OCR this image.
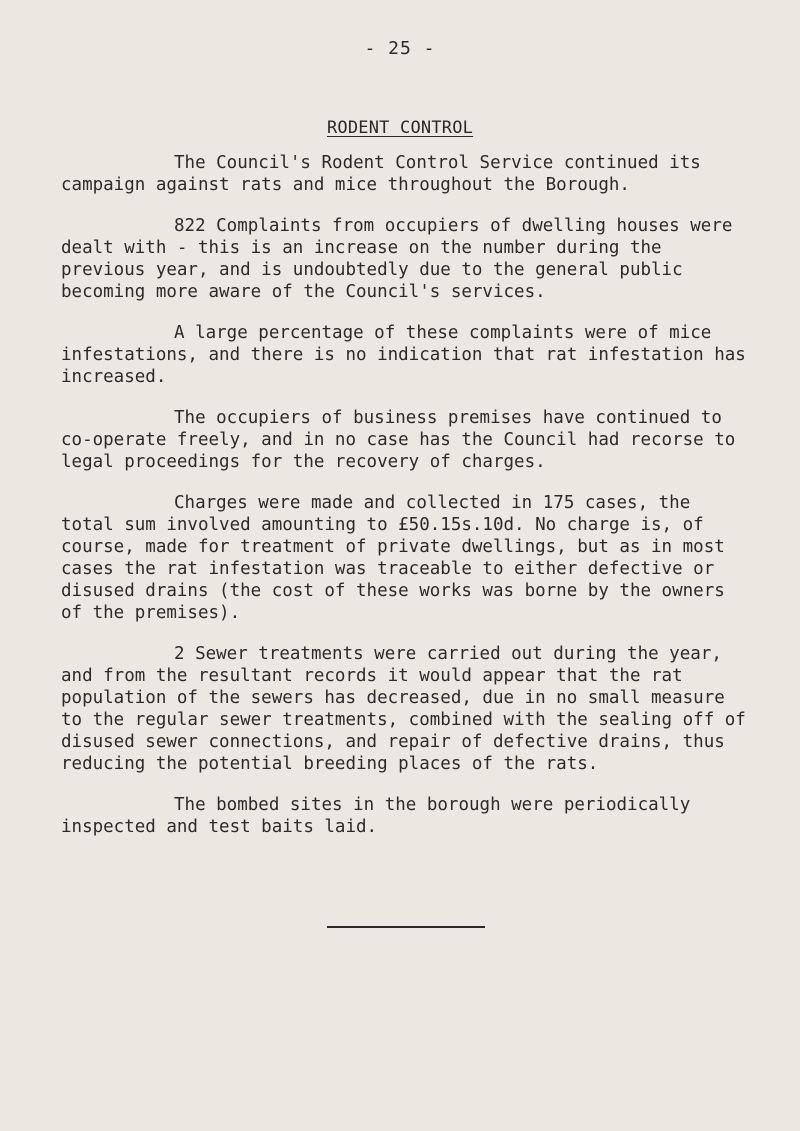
- 25 -
RODENT CONTROL

The Council's Rodent Control Service continued its campaign against rats and mice throughout the Borough.

822 Complaints from occupiers of dwelling houses were dealt with - this is an increase on the number during the previous year, and is undoubtedly due to the general public becoming more aware of the Council's services.

A large percentage of these complaints were of mice infestations, and there is no indication that rat infestation has increased.

The occupiers of business premises have continued to co-operate freely, and in no case has the Council had recorse to legal proceedings for the recovery of charges.

Charges were made and collected in 175 cases, the total sum involved amounting to £50.15s.10d. No charge is, of course, made for treatment of private dwellings, but as in most cases the rat infestation was traceable to either defective or disused drains (the cost of these works was borne by the owners of the premises).

2 Sewer treatments were carried out during the year, and from the resultant records it would appear that the rat population of the sewers has decreased, due in no small measure to the regular sewer treatments, combined with the sealing off of disused sewer connections, and repair of defective drains, thus reducing the potential breeding places of the rats.

The bombed sites in the borough were periodically inspected and test baits laid.
